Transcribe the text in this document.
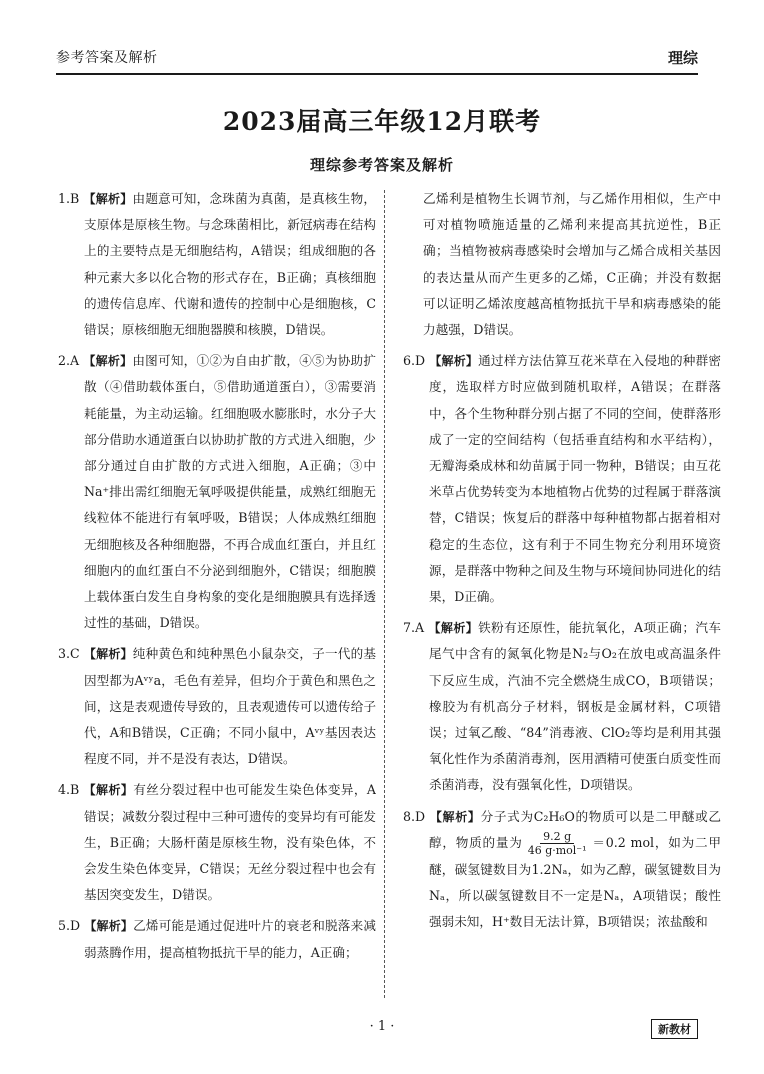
参考答案及解析	理综
2023届高三年级12月联考
理综参考答案及解析

1.B 【解析】由题意可知，念珠菌为真菌，是真核生物，支原体是原核生物。与念珠菌相比，新冠病毒在结构上的主要特点是无细胞结构，A错误；组成细胞的各种元素大多以化合物的形式存在，B正确；真核细胞的遗传信息库、代谢和遗传的控制中心是细胞核，C错误；原核细胞无细胞器膜和核膜，D错误。

2.A 【解析】由图可知，①②为自由扩散，④⑤为协助扩散（④借助载体蛋白，⑤借助通道蛋白），③需要消耗能量，为主动运输。红细胞吸水膨胀时，水分子大部分借助水通道蛋白以协助扩散的方式进入细胞，少部分通过自由扩散的方式进入细胞，A正确；③中Na⁺排出需红细胞无氧呼吸提供能量，成熟红细胞无线粒体不能进行有氧呼吸，B错误；人体成熟红细胞无细胞核及各种细胞器，不再合成血红蛋白，并且红细胞内的血红蛋白不分泌到细胞外，C错误；细胞膜上载体蛋白发生自身构象的变化是细胞膜具有选择透过性的基础，D错误。

3.C 【解析】纯种黄色和纯种黑色小鼠杂交，子一代的基因型都为Aᵛʸa，毛色有差异，但均介于黄色和黑色之间，这是表观遗传导致的，且表观遗传可以遗传给子代，A和B错误，C正确；不同小鼠中，Aᵛʸ基因表达程度不同，并不是没有表达，D错误。

4.B 【解析】有丝分裂过程中也可能发生染色体变异，A错误；减数分裂过程中三种可遗传的变异均有可能发生，B正确；大肠杆菌是原核生物，没有染色体，不会发生染色体变异，C错误；无丝分裂过程中也会有基因突变发生，D错误。

5.D 【解析】乙烯可能是通过促进叶片的衰老和脱落来减弱蒸腾作用，提高植物抵抗干旱的能力，A正确；

乙烯利是植物生长调节剂，与乙烯作用相似，生产中可对植物喷施适量的乙烯利来提高其抗逆性，B正确；当植物被病毒感染时会增加与乙烯合成相关基因的表达量从而产生更多的乙烯，C正确；并没有数据可以证明乙烯浓度越高植物抵抗干旱和病毒感染的能力越强，D错误。

6.D 【解析】通过样方法估算互花米草在入侵地的种群密度，选取样方时应做到随机取样，A错误；在群落中，各个生物种群分别占据了不同的空间，使群落形成了一定的空间结构（包括垂直结构和水平结构），无瓣海桑成林和幼苗属于同一物种，B错误；由互花米草占优势转变为本地植物占优势的过程属于群落演替，C错误；恢复后的群落中每种植物都占据着相对稳定的生态位，这有利于不同生物充分利用环境资源，是群落中物种之间及生物与环境间协同进化的结果，D正确。

7.A 【解析】铁粉有还原性，能抗氧化，A项正确；汽车尾气中含有的氮氧化物是N₂与O₂在放电或高温条件下反应生成，汽油不完全燃烧生成CO，B项错误；橡胶为有机高分子材料，钢板是金属材料，C项错误；过氧乙酸、“84”消毒液、ClO₂等均是利用其强氧化性作为杀菌消毒剂，医用酒精可使蛋白质变性而杀菌消毒，没有强氧化性，D项错误。

8.D 【解析】分子式为C₂H₆O的物质可以是二甲醚或乙醇，物质的量为 $\frac{9.2 g}{\text{46 g·mol⁻¹}} =0.2$ mol，如为二甲醚，碳氢键数目为1.2Nₐ，如为乙醇，碳氢键数目为Nₐ，所以碳氢键数目不一定是Nₐ，A项错误；酸性强弱未知，H⁺数目无法计算，B项错误；浓盐酸和

· 1 ·	新教材
